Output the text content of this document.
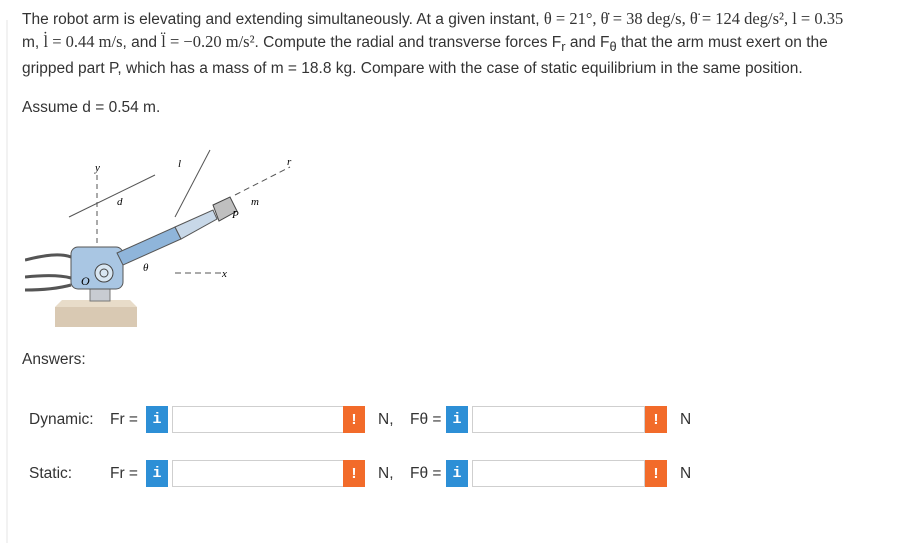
The robot arm is elevating and extending simultaneously. At a given instant, θ = 21°, θ̇ = 38 deg/s, θ̈ = 124 deg/s², l = 0.35
m, l̇ = 0.44 m/s, and l̈ = −0.20 m/s². Compute the radial and transverse forces $F_r$ and $F_\theta$ that the arm must exert on the
gripped part P, which has a mass of m = 18.8 kg. Compare with the case of static equilibrium in the same position.
Assume d = 0.54 m.
y
d
l	r
m
P
θ	x
O
Answers:
Dynamic: Fr = i	!	N, Fθ = i	!	N
Static: Fr = i	!	N, Fθ = i	!	N
